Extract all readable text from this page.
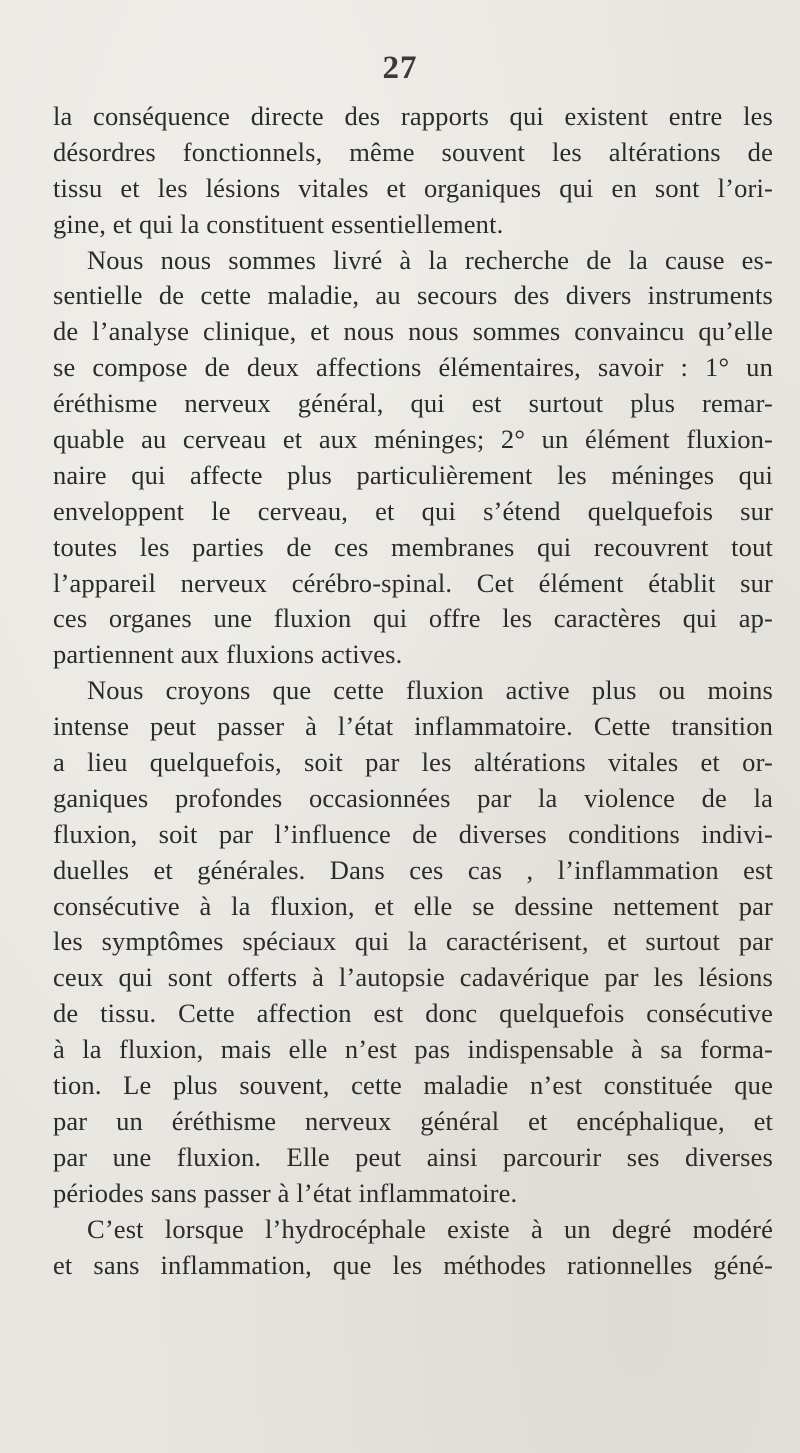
27
la conséquence directe des rapports qui existent entre les
désordres fonctionnels, même souvent les altérations de
tissu et les lésions vitales et organiques qui en sont l’ori-
gine, et qui la constituent essentiellement.
Nous nous sommes livré à la recherche de la cause es-
sentielle de cette maladie, au secours des divers instruments
de l’analyse clinique, et nous nous sommes convaincu qu’elle
se compose de deux affections élémentaires, savoir : 1° un
éréthisme nerveux général, qui est surtout plus remar-
quable au cerveau et aux méninges; 2° un élément fluxion-
naire qui affecte plus particulièrement les méninges qui
enveloppent le cerveau, et qui s’étend quelquefois sur
toutes les parties de ces membranes qui recouvrent tout
l’appareil nerveux cérébro-spinal. Cet élément établit sur
ces organes une fluxion qui offre les caractères qui ap-
partiennent aux fluxions actives.
Nous croyons que cette fluxion active plus ou moins
intense peut passer à l’état inflammatoire. Cette transition
a lieu quelquefois, soit par les altérations vitales et or-
ganiques profondes occasionnées par la violence de la
fluxion, soit par l’influence de diverses conditions indivi-
duelles et générales. Dans ces cas , l’inflammation est
consécutive à la fluxion, et elle se dessine nettement par
les symptômes spéciaux qui la caractérisent, et surtout par
ceux qui sont offerts à l’autopsie cadavérique par les lésions
de tissu. Cette affection est donc quelquefois consécutive
à la fluxion, mais elle n’est pas indispensable à sa forma-
tion. Le plus souvent, cette maladie n’est constituée que
par un éréthisme nerveux général et encéphalique, et
par une fluxion. Elle peut ainsi parcourir ses diverses
périodes sans passer à l’état inflammatoire.
C’est lorsque l’hydrocéphale existe à un degré modéré
et sans inflammation, que les méthodes rationnelles géné-
